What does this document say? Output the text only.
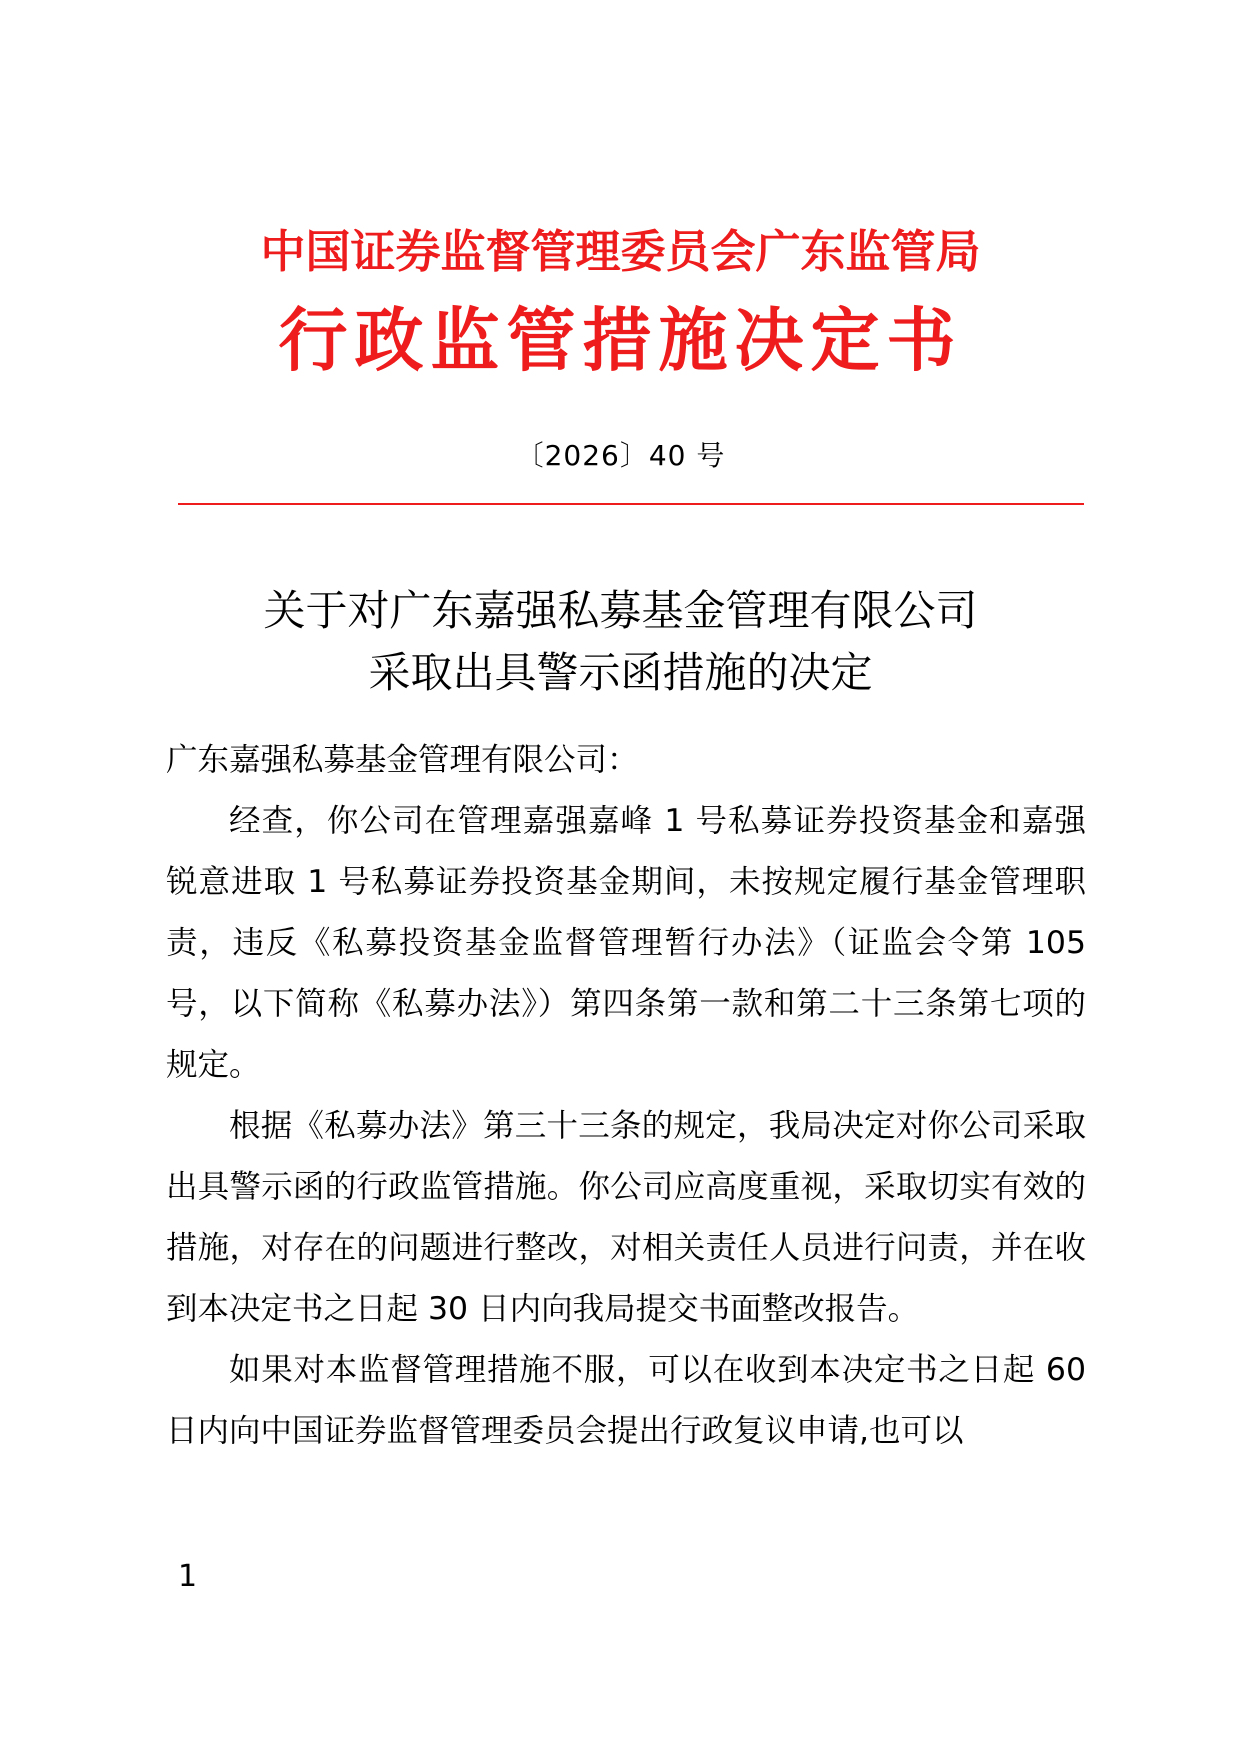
中国证券监督管理委员会广东监管局
行政监管措施决定书
〔2026〕40 号
关于对广东嘉强私募基金管理有限公司
采取出具警示函措施的决定

广东嘉强私募基金管理有限公司：

经查，你公司在管理嘉强嘉峰 1 号私募证券投资基金和嘉强锐意进取 1 号私募证券投资基金期间，未按规定履行基金管理职责，违反《私募投资基金监督管理暂行办法》（证监会令第 105 号，以下简称《私募办法》）第四条第一款和第二十三条第七项的规定。

根据《私募办法》第三十三条的规定，我局决定对你公司采取出具警示函的行政监管措施。你公司应高度重视，采取切实有效的措施，对存在的问题进行整改，对相关责任人员进行问责，并在收到本决定书之日起 30 日内向我局提交书面整改报告。

如果对本监督管理措施不服，可以在收到本决定书之日起 60 日内向中国证券监督管理委员会提出行政复议申请,也可以

1
